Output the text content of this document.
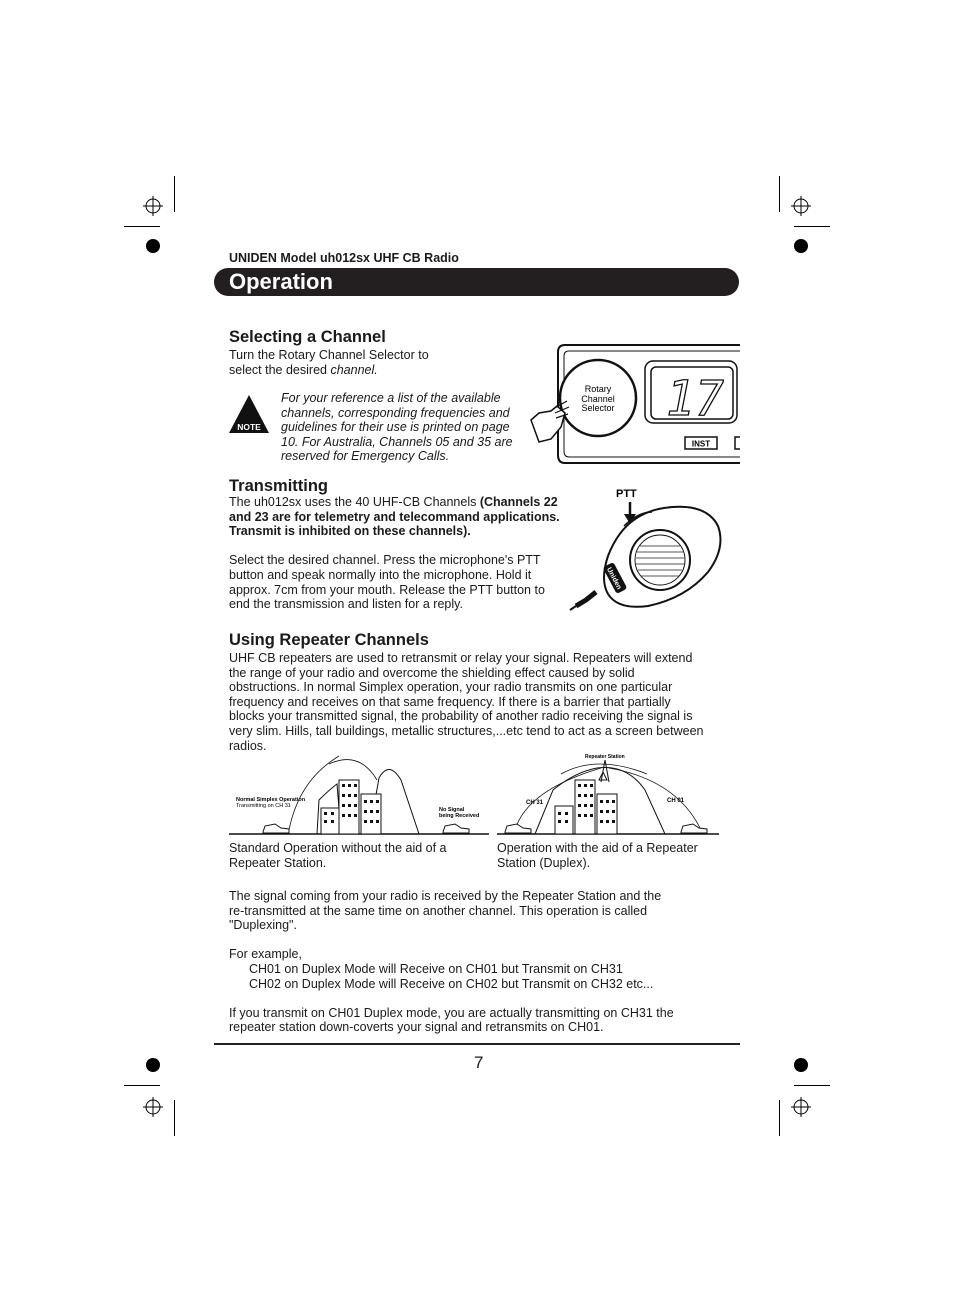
UNIDEN Model uh012sx UHF CB Radio
Operation
Selecting a Channel

Turn the Rotary Channel Selector to

select the desired channel.

NOTE

For your reference a list of the available

channels, corresponding frequencies and

guidelines for their use is printed on page

10. For Australia, Channels 05 and 35 are

reserved for Emergency Calls.

Rotary
Channel
Selector 17
INST
Transmitting

The uh012sx uses the 40 UHF-CB Channels (Channels 22

and 23 are for telemetry and telecommand applications.

Transmit is inhibited on these channels).

Select the desired channel. Press the microphone's PTT

button and speak normally into the microphone. Hold it

approx. 7cm from your mouth. Release the PTT button to

end the transmission and listen for a reply.

PTT
Uniden
Using Repeater Channels

UHF CB repeaters are used to retransmit or relay your signal. Repeaters will extend

the range of your radio and overcome the shielding effect caused by solid

obstructions. In normal Simplex operation, your radio transmits on one particular

frequency and receives on that same frequency. If there is a barrier that partially

blocks your transmitted signal, the probability of another radio receiving the signal is

very slim. Hills, tall buildings, metallic structures,...etc tend to act as a screen between

radios.

Normal Simplex Operation
Transmitting on CH 31
No Signal
being Received

Standard Operation without the aid of a

Repeater Station.

Repeater Station
CH 31	CH 01

Operation with the aid of a Repeater

Station (Duplex).

The signal coming from your radio is received by the Repeater Station and the

re-transmitted at the same time on another channel. This operation is called

"Duplexing".

For example,

CH01 on Duplex Mode will Receive on CH01 but Transmit on CH31

CH02 on Duplex Mode will Receive on CH02 but Transmit on CH32 etc...

If you transmit on CH01 Duplex mode, you are actually transmitting on CH31 the

repeater station down-coverts your signal and retransmits on CH01.

7
